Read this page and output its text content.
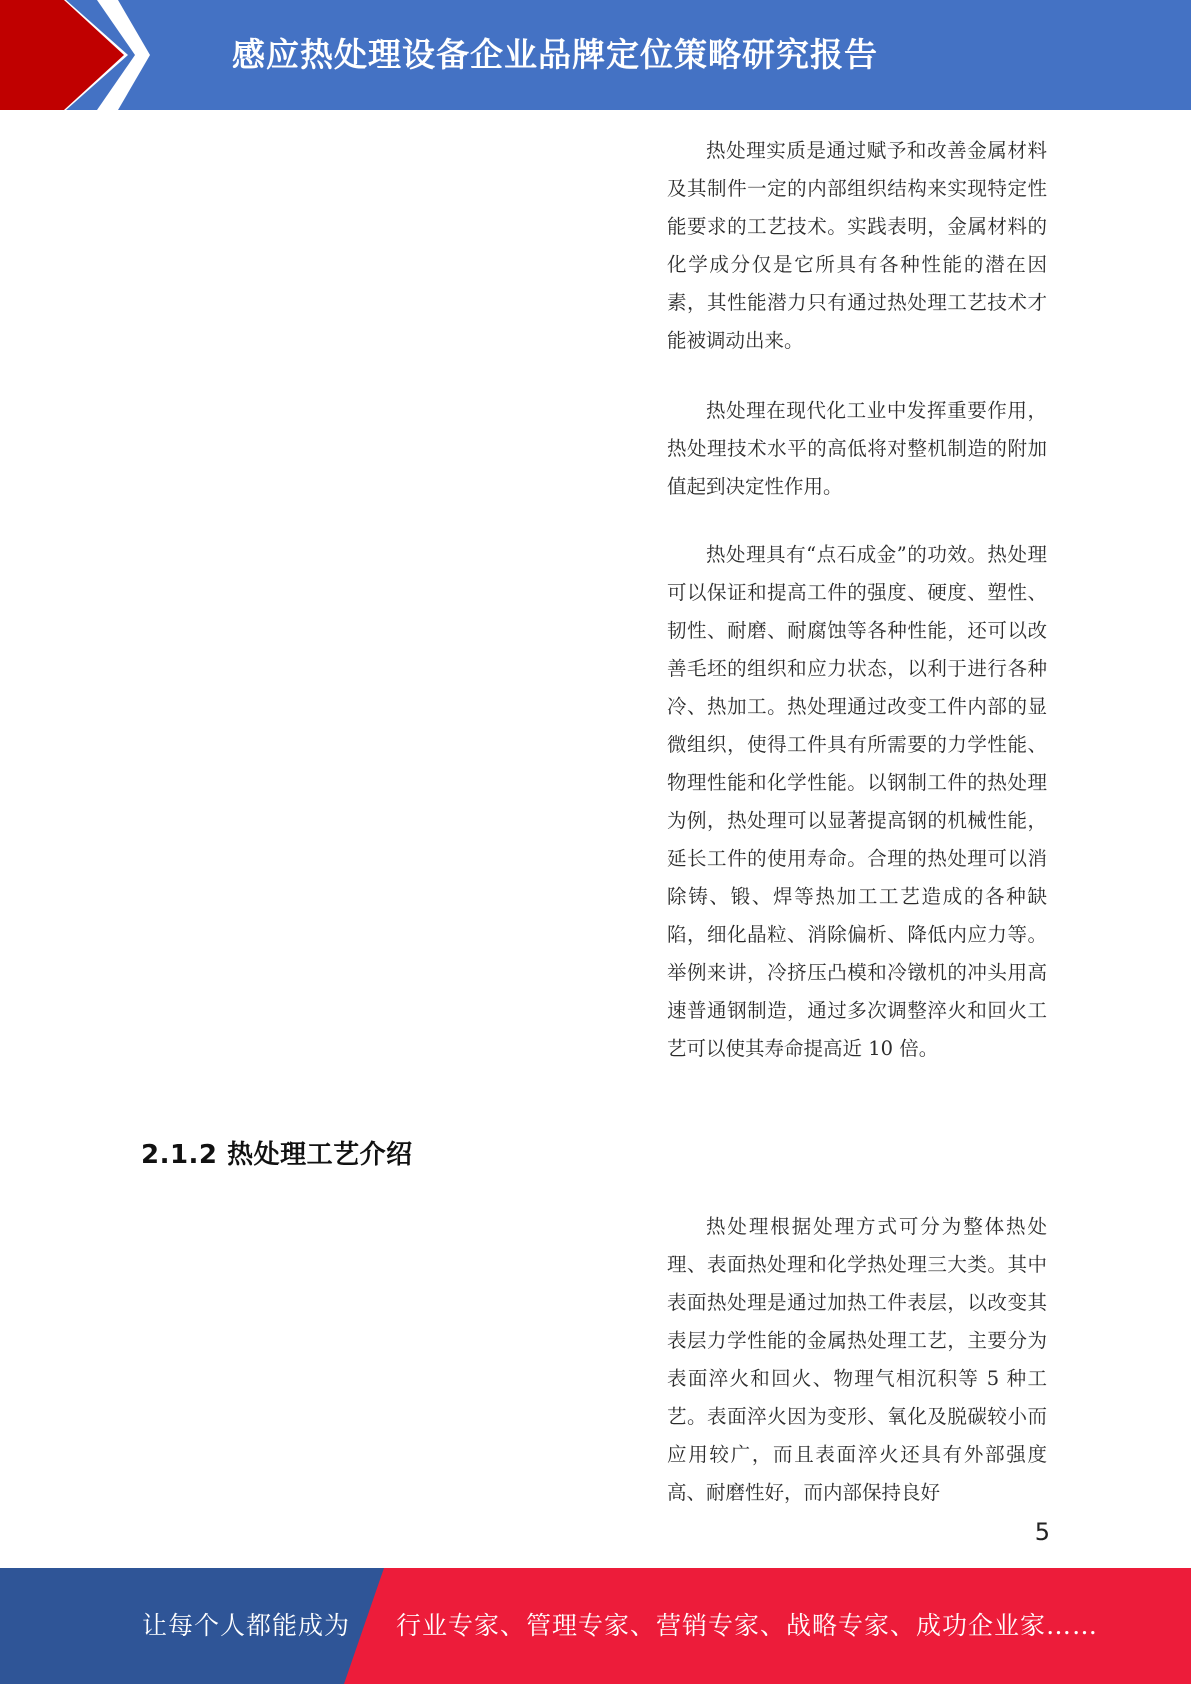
感应热处理设备企业品牌定位策略研究报告

热处理实质是通过赋予和改善金属材料及其制件一定的内部组织结构来实现特定性能要求的工艺技术。实践表明，金属材料的化学成分仅是它所具有各种性能的潜在因素，其性能潜力只有通过热处理工艺技术才能被调动出来。

热处理在现代化工业中发挥重要作用，热处理技术水平的高低将对整机制造的附加值起到决定性作用。

热处理具有“点石成金”的功效。热处理可以保证和提高工件的强度、硬度、塑性、韧性、耐磨、耐腐蚀等各种性能，还可以改善毛坯的组织和应力状态，以利于进行各种冷、热加工。热处理通过改变工件内部的显微组织，使得工件具有所需要的力学性能、物理性能和化学性能。以钢制工件的热处理为例，热处理可以显著提高钢的机械性能，延长工件的使用寿命。合理的热处理可以消除铸、锻、焊等热加工工艺造成的各种缺陷，细化晶粒、消除偏析、降低内应力等。举例来讲，冷挤压凸模和冷镦机的冲头用高速普通钢制造，通过多次调整淬火和回火工艺可以使其寿命提高近 10 倍。

2.1.2 热处理工艺介绍

热处理根据处理方式可分为整体热处理、表面热处理和化学热处理三大类。其中表面热处理是通过加热工件表层，以改变其表层力学性能的金属热处理工艺，主要分为表面淬火和回火、物理气相沉积等 5 种工艺。表面淬火因为变形、氧化及脱碳较小而应用较广，而且表面淬火还具有外部强度高、耐磨性好，而内部保持良好

5
让每个人都能成为 行业专家、管理专家、营销专家、战略专家、成功企业家……
